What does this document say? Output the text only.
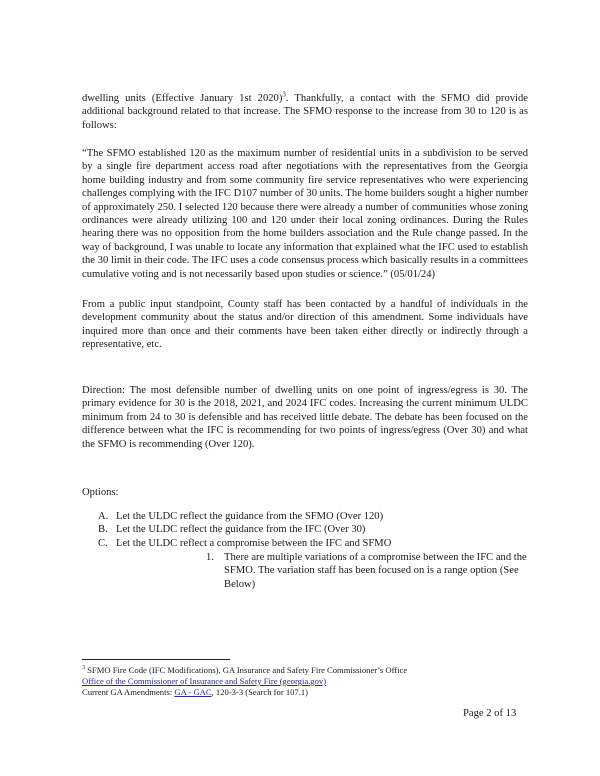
dwelling units (Effective January 1st 2020)$^3$. Thankfully, a contact with the SFMO did provide additional background related to that increase. The SFMO response to the increase from 30 to 120 is as follows:

“The SFMO established 120 as the maximum number of residential units in a subdivision to be served by a single fire department access road after negotiations with the representatives from the Georgia home building industry and from some community fire service representatives who were experiencing challenges complying with the IFC D107 number of 30 units. The home builders sought a higher number of approximately 250. I selected 120 because there were already a number of communities whose zoning ordinances were already utilizing 100 and 120 under their local zoning ordinances. During the Rules hearing there was no opposition from the home builders association and the Rule change passed. In the way of background, I was unable to locate any information that explained what the IFC used to establish the 30 limit in their code. The IFC uses a code consensus process which basically results in a committees cumulative voting and is not necessarily based upon studies or science.” (05/01/24)

From a public input standpoint, County staff has been contacted by a handful of individuals in the development community about the status and/or direction of this amendment. Some individuals have inquired more than once and their comments have been taken either directly or indirectly through a representative, etc.

Direction: The most defensible number of dwelling units on one point of ingress/egress is 30. The primary evidence for 30 is the 2018, 2021, and 2024 IFC codes. Increasing the current minimum ULDC minimum from 24 to 30 is defensible and has received little debate. The debate has been focused on the difference between what the IFC is recommending for two points of ingress/egress (Over 30) and what the SFMO is recommending (Over 120).

Options:

A. Let the ULDC reflect the guidance from the SFMO (Over 120)
B. Let the ULDC reflect the guidance from the IFC (Over 30)
C. Let the ULDC reflect a compromise between the IFC and SFMO
1. There are multiple variations of a compromise between the IFC and the SFMO. The variation staff has been focused on is a range option (See Below)
$^3$ SFMO Fire Code (IFC Modifications), GA Insurance and Safety Fire Commissioner’s Office
Office of the Commissioner of Insurance and Safety Fire (georgia.gov)
Current GA Amendments: GA - GAC, 120-3-3 (Search for 107.1)
Page 2 of 13
